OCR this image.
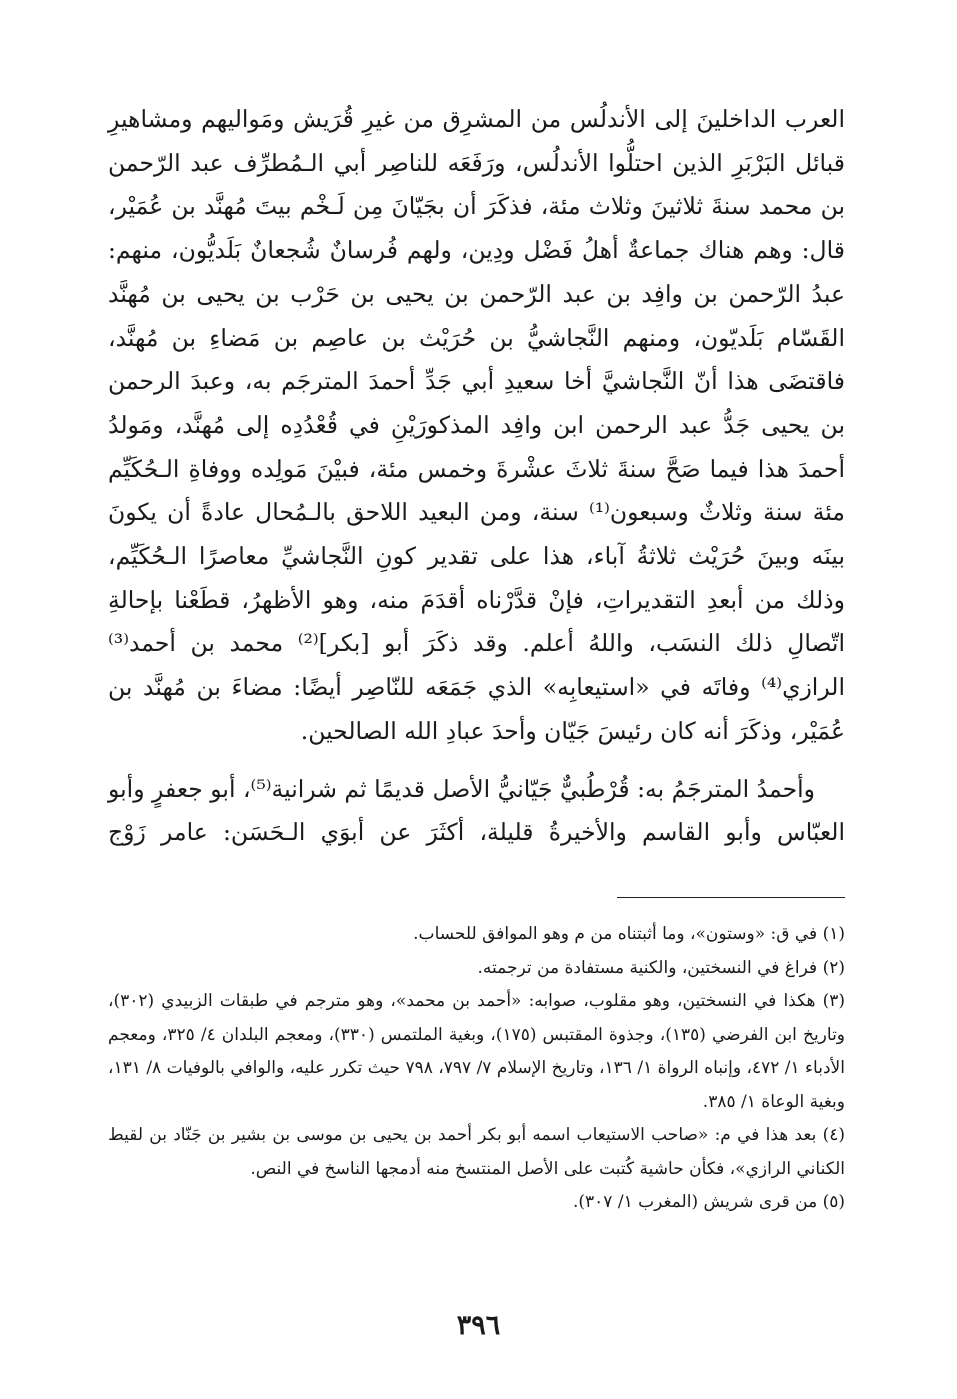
العرب الداخلينَ إلى الأندلُس من المشرِق من غيرِ قُرَيش ومَواليهم ومشاهيرِ قبائل البَرْبَرِ الذين احتلُّوا الأندلُس، ورَفَعَه للناصِر أبي الـمُطرِّف عبد الرّحمن بن محمد سنةَ ثلاثينَ وثلاث مئة، فذكَرَ أن بجَيّانَ مِن لَـخْم بيتَ مُهنَّد بن عُمَيْر، قال: وهم هناك جماعةٌ أهلُ فَضْل ودِين، ولهم فُرسانٌ شُجعانٌ بَلَديُّون، منهم: عبدُ الرّحمن بن وافِد بن عبد الرّحمن بن يحيى بن حَرْب بن يحيى بن مُهنَّد القَسّام بَلَديّون، ومنهم النَّجاشيُّ بن حُرَيْث بن عاصِم بن مَضاءِ بن مُهنَّد، فاقتضَى هذا أنّ النَّجاشيَّ أخا سعيدِ أبي جَدِّ أحمدَ المترجَم به، وعبدَ الرحمن بن يحيى جَدُّ عبد الرحمن ابن وافِد المذكورَيْنِ في قُعْدُدِه إلى مُهنَّد، ومَولدُ أحمدَ هذا فيما صَحَّ سنةَ ثلاثَ عشْرةَ وخمس مئة، فبيْنَ مَولِده ووفاةِ الـحُكَيِّم مئة سنة وثلاثٌ وسبعون⁽¹⁾ سنة، ومن البعيد اللاحق بالـمُحال عادةً أن يكونَ بينَه وبينَ حُرَيْث ثلاثةُ آباء، هذا على تقدير كونِ النَّجاشيِّ معاصرًا الـحُكَيِّم، وذلك من أبعدِ التقديراتِ، فإنْ قدَّرْناه أقدَمَ منه، وهو الأظهرُ، قطَعْنا بإحالةِ اتّصالِ ذلك النسَب، واللهُ أعلم. وقد ذكَرَ أبو [بكر]⁽²⁾ محمد بن أحمد⁽³⁾ الرازي⁽⁴⁾ وفاتَه في «استيعابِه» الذي جَمَعَه للنّاصِر أيضًا: مضاءَ بن مُهنَّد بن عُمَيْر، وذكَرَ أنه كان رئيسَ جَيّان وأحدَ عبادِ الله الصالحين.

وأحمدُ المترجَمُ به: قُرْطُبيٌّ جَيّانيُّ الأصل قديمًا ثم شرانية⁽⁵⁾، أبو جعفرٍ وأبو العبّاس وأبو القاسم والأخيرةُ قليلة، أكثَرَ عن أبوَي الـحَسَن: عامر زَوْج

(١) في ق: «وستون»، وما أثبتناه من م وهو الموافق للحساب.

(٢) فراغ في النسختين، والكنية مستفادة من ترجمته.

(٣) هكذا في النسختين، وهو مقلوب، صوابه: «أحمد بن محمد»، وهو مترجم في طبقات الزبيدي (٣٠٢)، وتاريخ ابن الفرضي (١٣٥)، وجذوة المقتبس (١٧٥)، وبغية الملتمس (٣٣٠)، ومعجم البلدان ٤/ ٣٢٥، ومعجم الأدباء ١/ ٤٧٢، وإنباه الرواة ١/ ١٣٦، وتاريخ الإسلام ٧/ ٧٩٧، ٧٩٨ حيث تكرر عليه، والوافي بالوفيات ٨/ ١٣١، وبغية الوعاة ١/ ٣٨٥.

(٤) بعد هذا في م: «صاحب الاستيعاب اسمه أبو بكر أحمد بن يحيى بن موسى بن بشير بن جَنّاد بن لقيط الكناني الرازي»، فكأن حاشية كُتبت على الأصل المنتسخ منه أدمجها الناسخ في النص.

(٥) من قرى شريش (المغرب ١/ ٣٠٧).

٣٩٦
